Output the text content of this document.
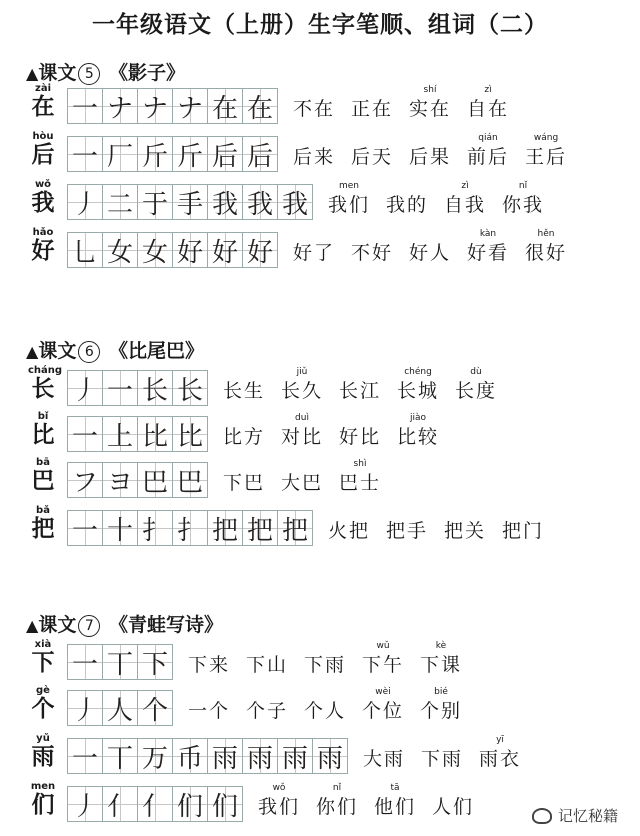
一年级语文（上册）生字笔顺、组词（二）
▲课文 5 《影子》
zài
在 一 ナ ナ ナ 在 在 不在 正在
shí
实在
zì
自在
hòu
后 一 厂 斤 斤 后 后 后来 后天 后果
qián
前后
wáng
王后
wǒ
我 丿 二 于 手 我 我 我
men
我们 我的
zì
自我
nǐ
你我
hǎo
好 乚 女 女 好 好 好 好了 不好 好人
kàn
好看
hěn
很好
▲课文 6 《比尾巴》
cháng
长 丿 一 长 长 长生
jiǔ
长久 长江
chéng
长城
dù
长度
bǐ
比 一 上 比 比 比方
duì
对比 好比
jiào
比较
bā
巴 フ ヨ 巴 巴 下巴 大巴
shì
巴士
bǎ
把 一 十 扌 扌 把 把 把 火把 把手 把关 把门
▲课文 7 《青蛙写诗》
xià
下 一 丅 下 下来 下山 下雨
wǔ
下午
kè
下课
gè
个 丿 人 个 一个 个子 个人
wèi
个位
bié
个别
yǔ
雨 一 丅 万 币 雨 雨 雨 雨 大雨 下雨
yī
雨衣
men
们 丿 亻 亻 们 们
wǒ
我们
nǐ
你们
tā
他们 人们	记忆秘籍
